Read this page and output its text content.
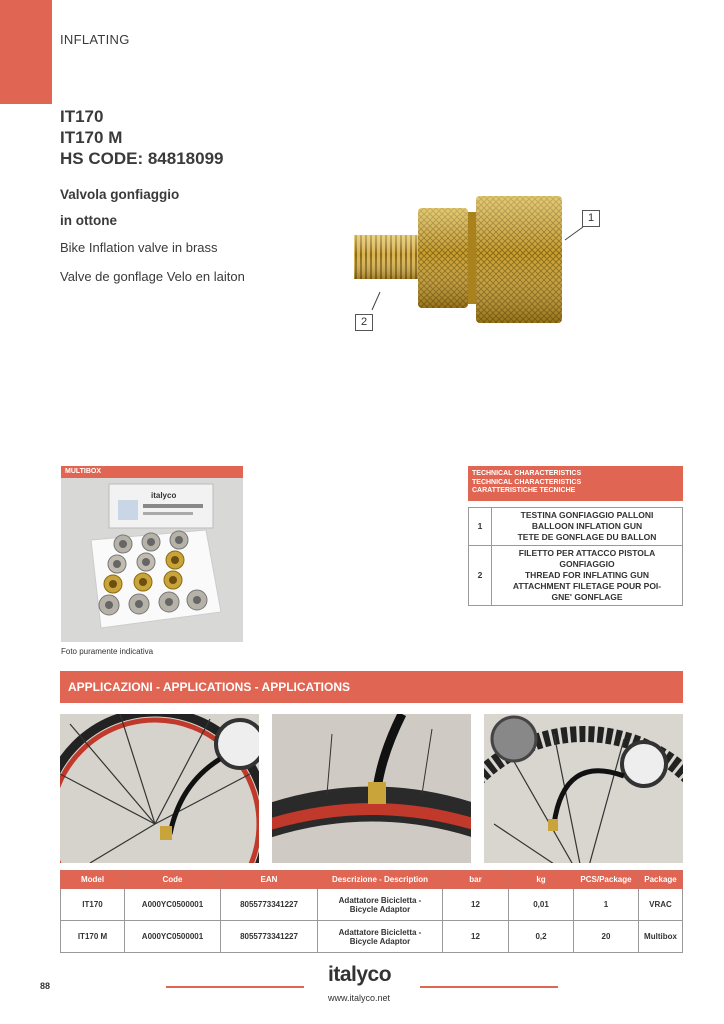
INFLATING
IT170
IT170 M
HS CODE: 84818099
Valvola gonfiaggio
in ottone
Bike Inflation valve in brass
Valve de gonflage Velo en laiton
1
2
MULTIBOX
italyco
Foto puramente indicativa
TECHNICAL CHARACTERISTICS
TECHNICAL CHARACTERISTICS
CARATTERISTICHE TECNICHE
1	TESTINA GONFIAGGIO PALLONI
BALLOON INFLATION GUN
TETE DE GONFLAGE DU BALLON

2	FILETTO PER ATTACCO PISTOLA
GONFIAGGIO
THREAD FOR INFLATING GUN
ATTACHMENT FILETAGE POUR POI-
GNE' GONFLAGE
APPLICAZIONI - APPLICATIONS - APPLICATIONS
Model	Code	EAN	Descrizione - Description	bar	kg	PCS/Package	Package
IT170	A000YC0500001	8055773341227	Adattatore Bicicletta -
Bicycle Adaptor	12	0,01	1	VRAC
IT170 M	A000YC0500001	8055773341227	Adattatore Bicicletta -
Bicycle Adaptor	12	0,2	20	Multibox
88	italyco
www.italyco.net
